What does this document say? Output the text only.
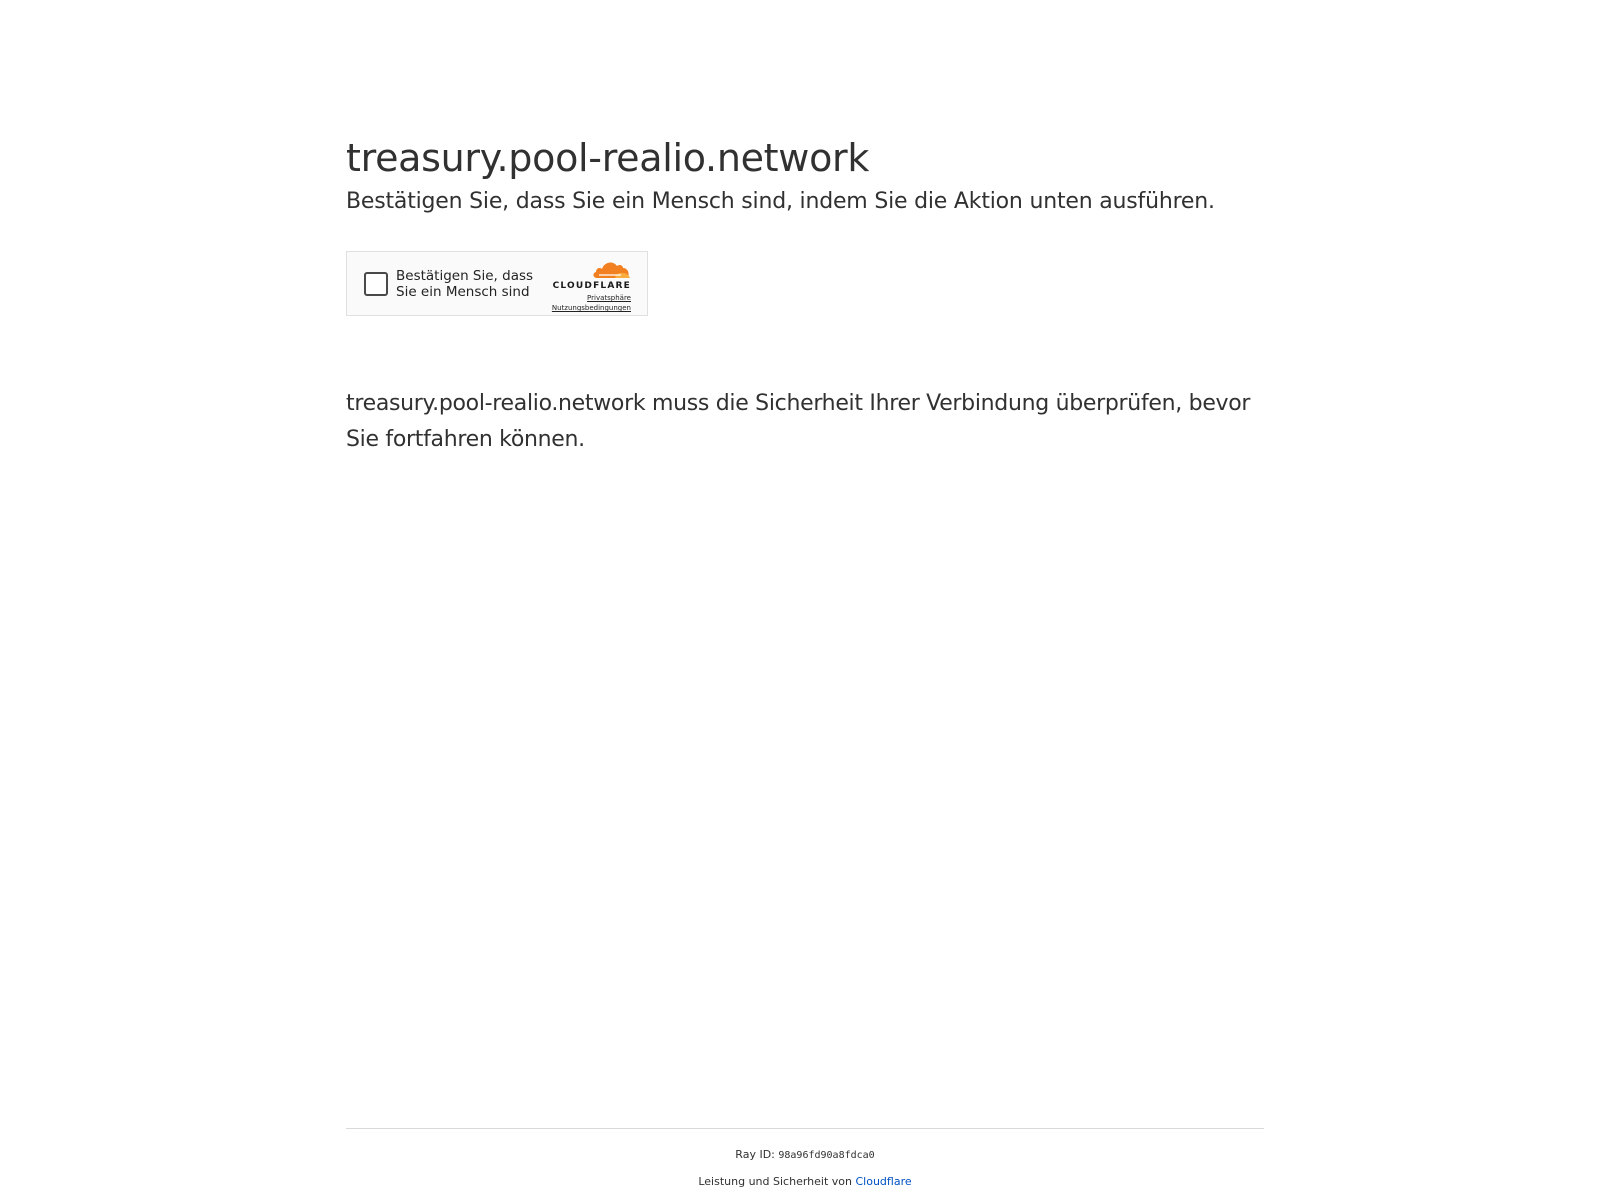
treasury.pool-realio.network

Bestätigen Sie, dass Sie ein Mensch sind, indem Sie die Aktion unten ausführen.

Bestätigen Sie, dass Sie ein Mensch sind	CLOUDFLARE
Privatsphäre
Nutzungsbedingungen

treasury.pool-realio.network muss die Sicherheit Ihrer Verbindung überprüfen, bevor Sie fortfahren können.

Ray ID: 98a96fd90a8fdca0
Leistung und Sicherheit von Cloudflare
